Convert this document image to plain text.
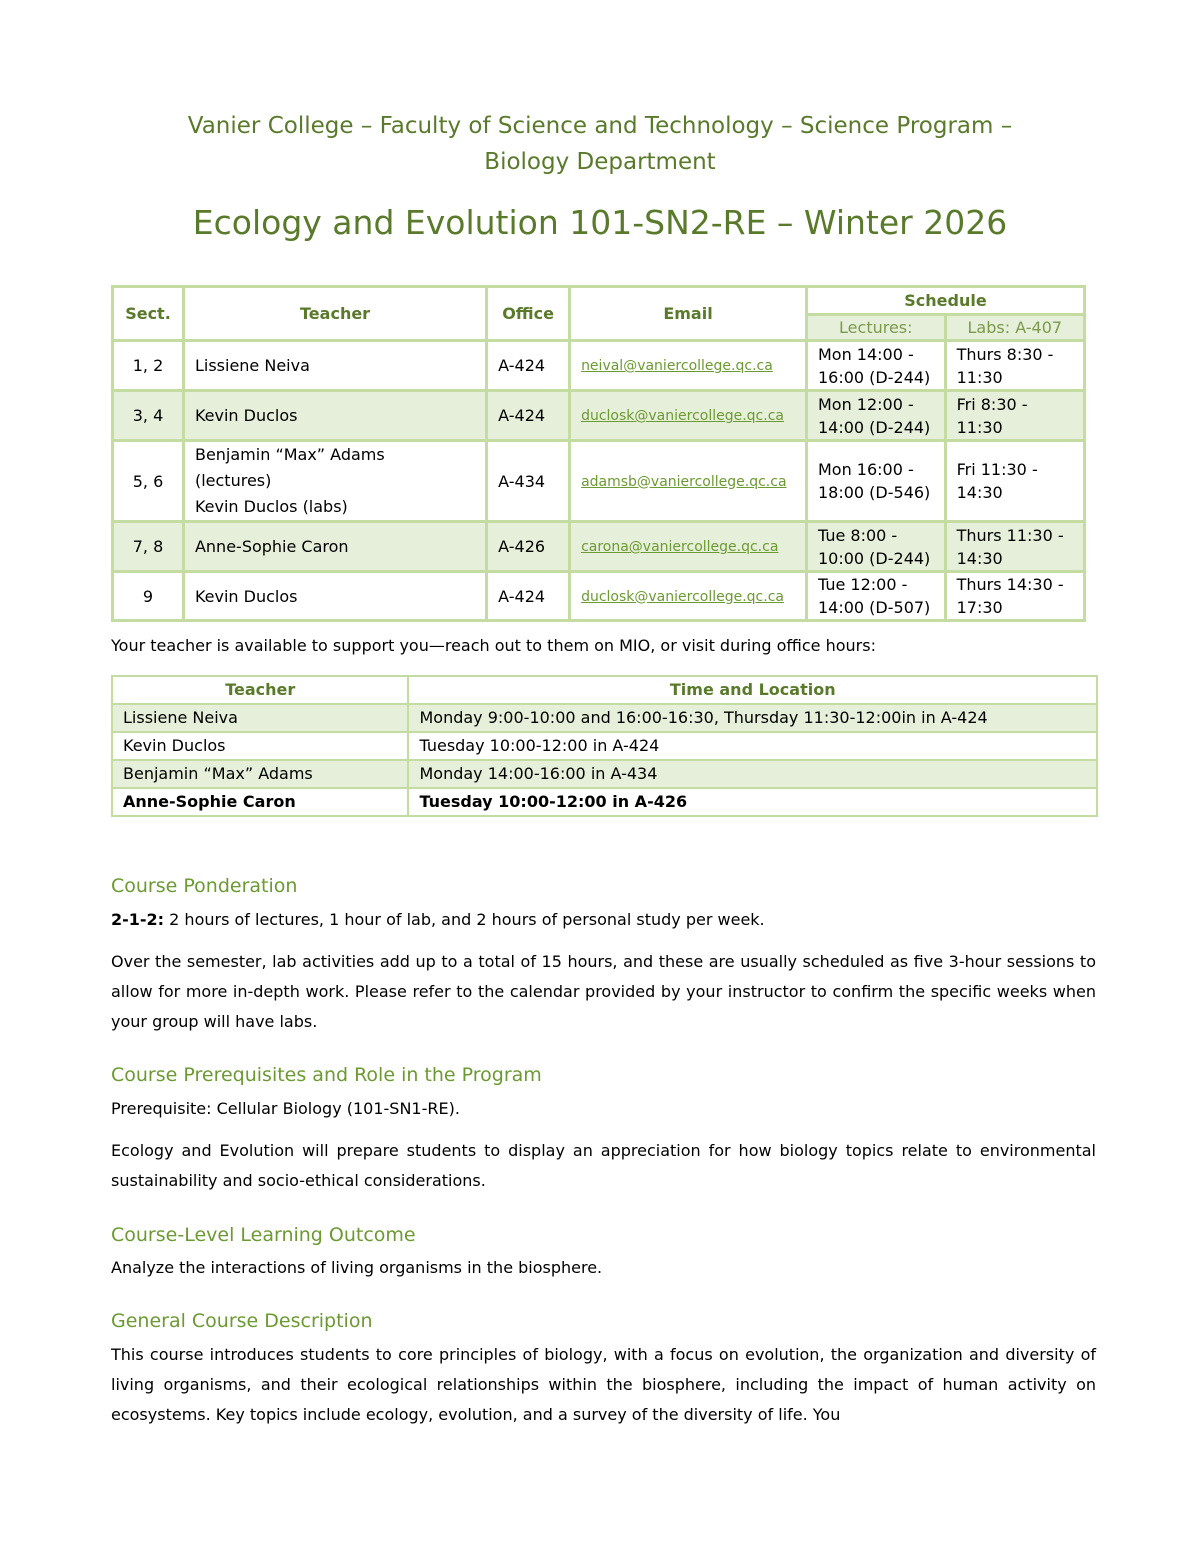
Vanier College – Faculty of Science and Technology – Science Program –
Biology Department
Ecology and Evolution 101-SN2-RE – Winter 2026
Sect.	Teacher	Office	Email	Schedule	
				Lectures:	Labs: A-407
1, 2	Lissiene Neiva	A-424	neival@vaniercollege.qc.ca	Mon 14:00 - 16:00 (D-244)	Thurs 8:30 - 11:30
3, 4	Kevin Duclos	A-424	duclosk@vaniercollege.qc.ca	Mon 12:00 - 14:00 (D-244)	Fri 8:30 - 11:30
5, 6	Benjamin “Max” Adams
(lectures)
Kevin Duclos (labs)	A-434	adamsb@vaniercollege.qc.ca	Mon 16:00 - 18:00 (D-546)	Fri 11:30 - 14:30
7, 8	Anne-Sophie Caron	A-426	carona@vaniercollege.qc.ca	Tue 8:00 - 10:00 (D-244)	Thurs 11:30 - 14:30
9	Kevin Duclos	A-424	duclosk@vaniercollege.qc.ca	Tue 12:00 - 14:00 (D-507)	Thurs 14:30 - 17:30
Your teacher is available to support you—reach out to them on MIO, or visit during office hours:
Teacher	Time and Location
Lissiene Neiva	Monday 9:00-10:00 and 16:00-16:30, Thursday 11:30-12:00in in A-424
Kevin Duclos	Tuesday 10:00-12:00 in A-424
Benjamin “Max” Adams	Monday 14:00-16:00 in A-434
Anne-Sophie Caron	Tuesday 10:00-12:00 in A-426
Course Ponderation

2-1-2: 2 hours of lectures, 1 hour of lab, and 2 hours of personal study per week.

Over the semester, lab activities add up to a total of 15 hours, and these are usually scheduled as five 3-hour sessions to allow for more in-depth work. Please refer to the calendar provided by your instructor to confirm the specific weeks when your group will have labs.

Course Prerequisites and Role in the Program

Prerequisite: Cellular Biology (101-SN1-RE).

Ecology and Evolution will prepare students to display an appreciation for how biology topics relate to environmental sustainability and socio-ethical considerations.

Course-Level Learning Outcome

Analyze the interactions of living organisms in the biosphere.

General Course Description

This course introduces students to core principles of biology, with a focus on evolution, the organization and diversity of living organisms, and their ecological relationships within the biosphere, including the impact of human activity on ecosystems. Key topics include ecology, evolution, and a survey of the diversity of life. You
